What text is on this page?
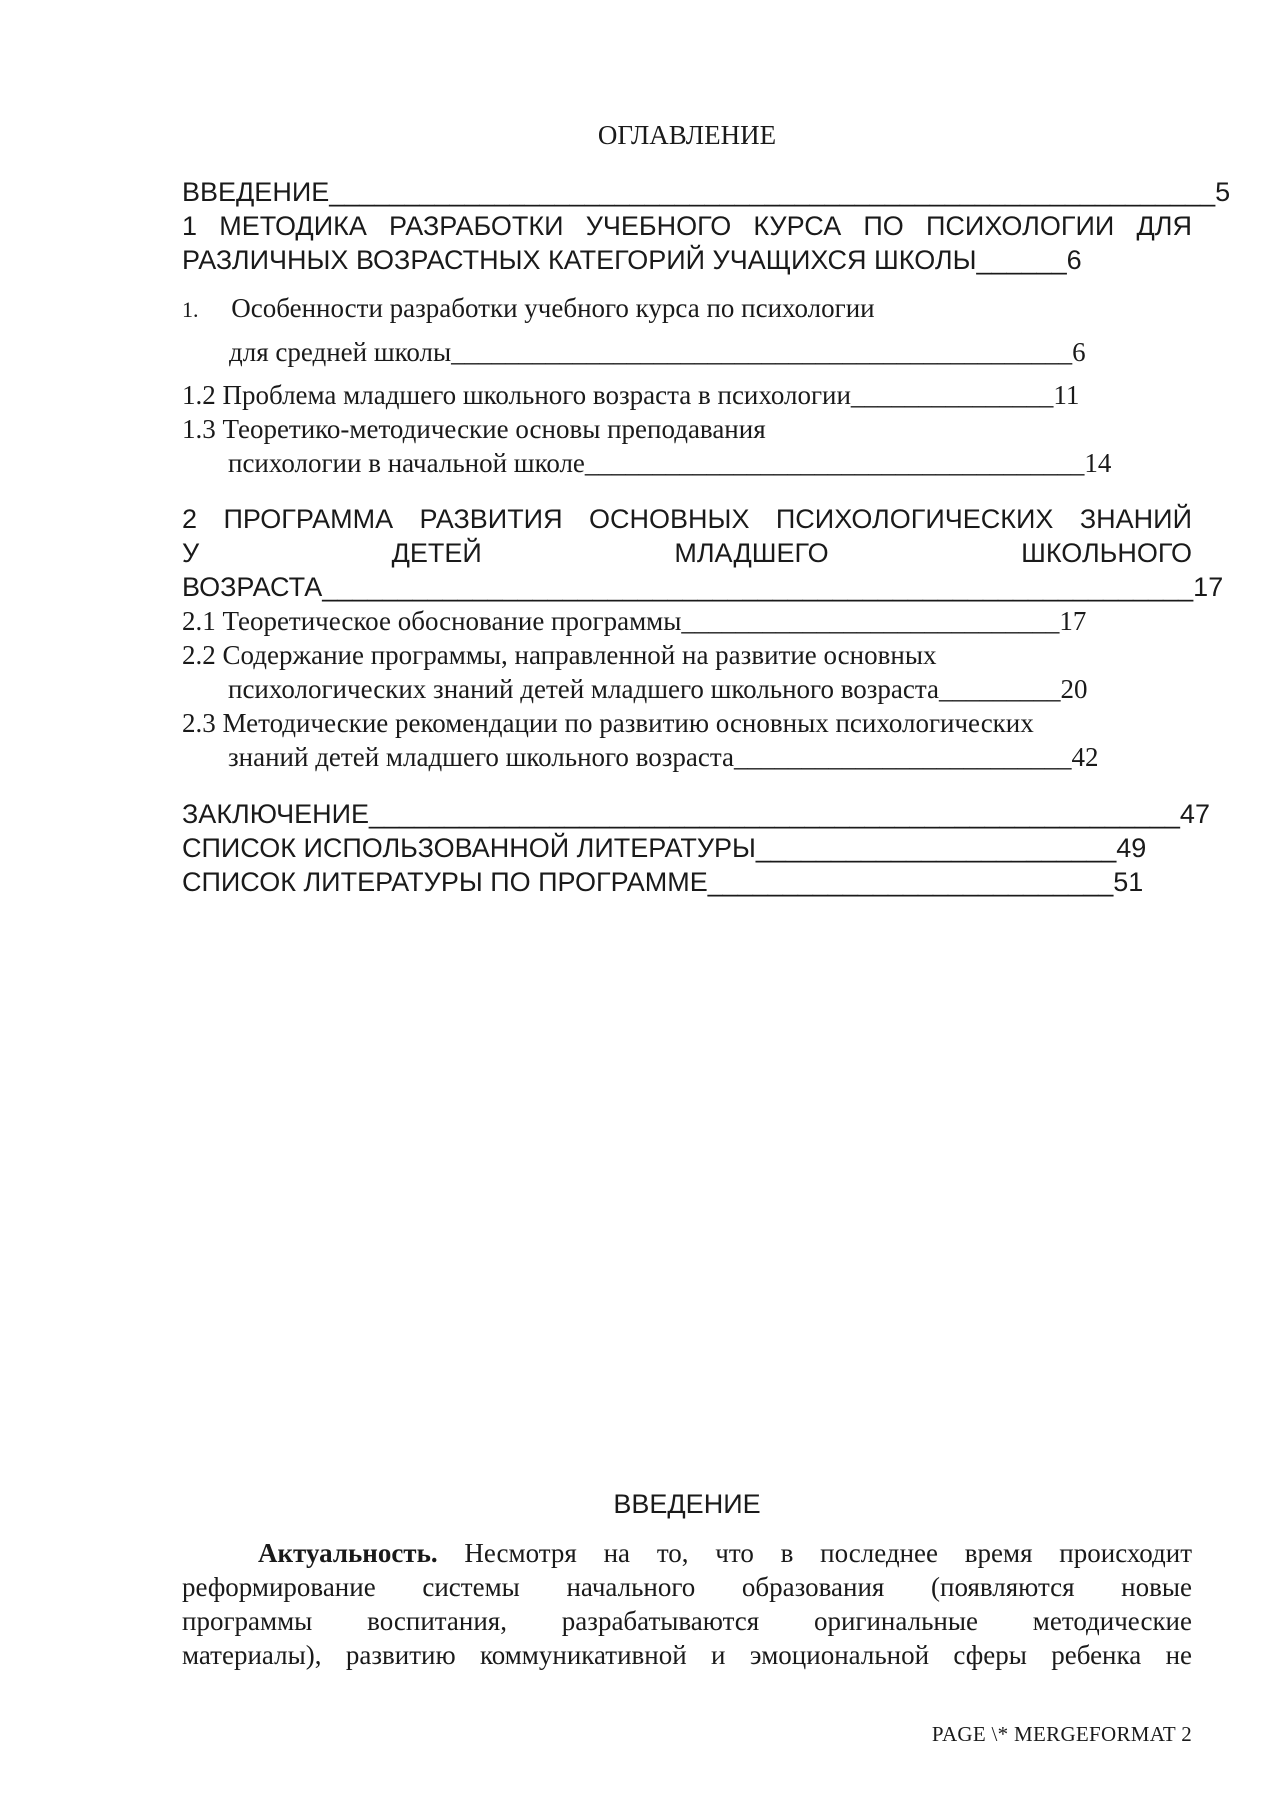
ОГЛАВЛЕНИЕ
ВВЕДЕНИЕ___________________________________________________________5
1 МЕТОДИКА РАЗРАБОТКИ УЧЕБНОГО КУРСА ПО ПСИХОЛОГИИ ДЛЯ
РАЗЛИЧНЫХ ВОЗРАСТНЫХ КАТЕГОРИЙ УЧАЩИХСЯ ШКОЛЫ______6
1. Особенности разработки учебного курса по психологии
для средней школы______________________________________________6
1.2 Проблема младшего школьного возраста в психологии_______________11
1.3 Теоретико-методические основы преподавания
психологии в начальной школе_____________________________________14
2 ПРОГРАММА РАЗВИТИЯ ОСНОВНЫХ ПСИХОЛОГИЧЕСКИХ ЗНАНИЙ
У	ДЕТЕЙ	МЛАДШЕГО	ШКОЛЬНОГО
ВОЗРАСТА__________________________________________________________17
2.1 Теоретическое обоснование программы____________________________17
2.2 Содержание программы, направленной на развитие основных
психологических знаний детей младшего школьного возраста_________20
2.3 Методические рекомендации по развитию основных психологических
знаний детей младшего школьного возраста_________________________42
ЗАКЛЮЧЕНИЕ______________________________________________________47
СПИСОК ИСПОЛЬЗОВАННОЙ ЛИТЕРАТУРЫ________________________49
СПИСОК ЛИТЕРАТУРЫ ПО ПРОГРАММЕ___________________________51
ВВЕДЕНИЕ
Актуальность. Несмотря на то, что в последнее время происходит
реформирование системы начального образования (появляются новые
программы воспитания, разрабатываются оригинальные методические
материалы), развитию коммуникативной и эмоциональной сферы ребенка не
PAGE \* MERGEFORMAT 2
